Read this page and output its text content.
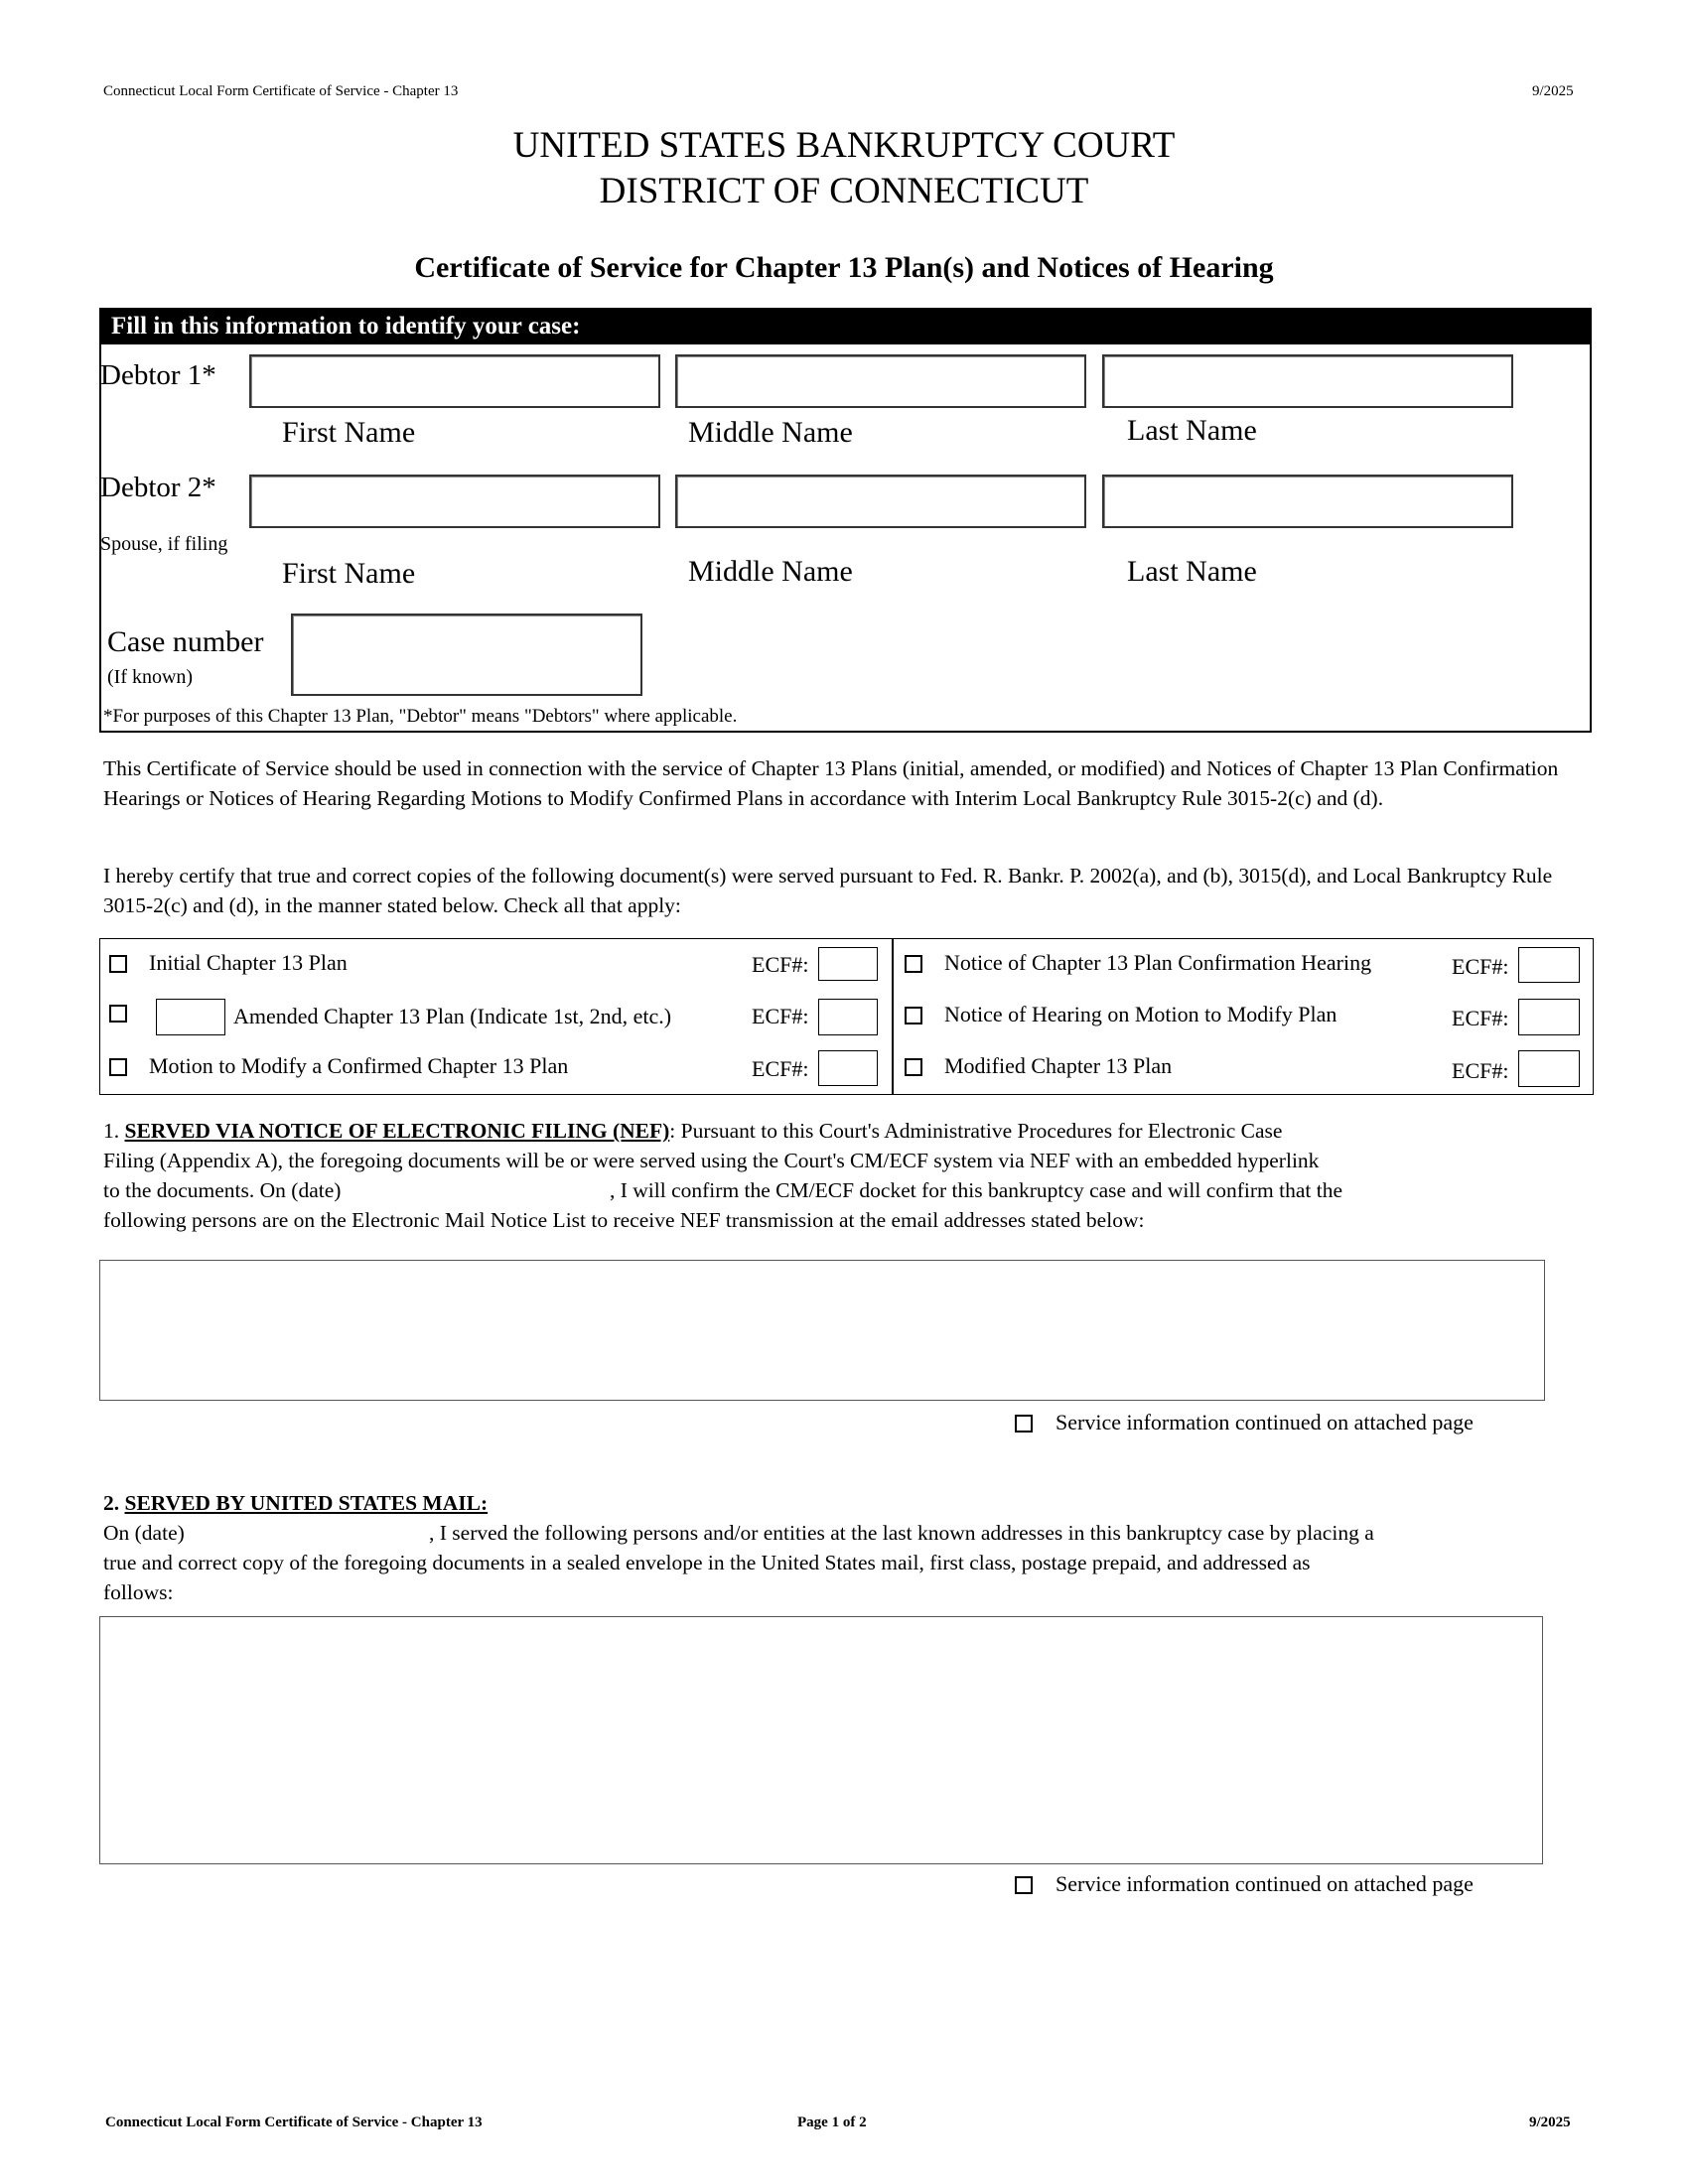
Connecticut Local Form Certificate of Service - Chapter 13	9/2025
UNITED STATES BANKRUPTCY COURT
DISTRICT OF CONNECTICUT
Certificate of Service for Chapter 13 Plan(s) and Notices of Hearing
Fill in this information to identify your case:
Debtor 1*
First Name	Middle Name	Last Name
Debtor 2*
Spouse, if filing
First Name	Middle Name	Last Name
Case number
(If known)
*For purposes of this Chapter 13 Plan, "Debtor" means "Debtors" where applicable.
This Certificate of Service should be used in connection with the service of Chapter 13 Plans (initial, amended, or modified) and Notices of Chapter 13 Plan Confirmation Hearings or Notices of Hearing Regarding Motions to Modify Confirmed Plans in accordance with Interim Local Bankruptcy Rule 3015-2(c) and (d).
I hereby certify that true and correct copies of the following document(s) were served pursuant to Fed. R. Bankr. P. 2002(a), and (b), 3015(d), and Local Bankruptcy Rule 3015-2(c) and (d), in the manner stated below. Check all that apply:
Initial Chapter 13 Plan	ECF#:
Amended Chapter 13 Plan (Indicate 1st, 2nd, etc.)	ECF#:
Motion to Modify a Confirmed Chapter 13 Plan	ECF#:
Notice of Chapter 13 Plan Confirmation Hearing	ECF#:
Notice of Hearing on Motion to Modify Plan	ECF#:
Modified Chapter 13 Plan	ECF#:
1. SERVED VIA NOTICE OF ELECTRONIC FILING (NEF): Pursuant to this Court's Administrative Procedures for Electronic Case
Filing (Appendix A), the foregoing documents will be or were served using the Court's CM/ECF system via NEF with an embedded hyperlink
to the documents. On (date)	, I will confirm the CM/ECF docket for this bankruptcy case and will confirm that the
following persons are on the Electronic Mail Notice List to receive NEF transmission at the email addresses stated below:
Service information continued on attached page
2. SERVED BY UNITED STATES MAIL:
On (date)	, I served the following persons and/or entities at the last known addresses in this bankruptcy case by placing a
true and correct copy of the foregoing documents in a sealed envelope in the United States mail, first class, postage prepaid, and addressed as
follows:
Service information continued on attached page
Connecticut Local Form Certificate of Service - Chapter 13	Page 1 of 2	9/2025
